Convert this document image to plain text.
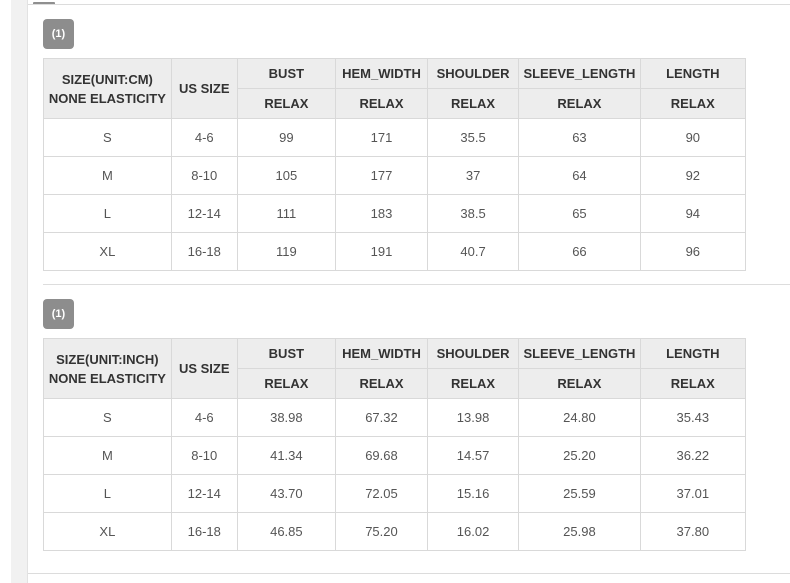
(1)
SIZE(UNIT:CM)
NONE ELASTICITY	US SIZE	BUST	HEM_WIDTH	SHOULDER	SLEEVE_LENGTH	LENGTH
		RELAX	RELAX	RELAX	RELAX	RELAX
S	4-6	99	171	35.5	63	90
M	8-10	105	177	37	64	92
L	12-14	111	183	38.5	65	94
XL	16-18	119	191	40.7	66	96
(1)
SIZE(UNIT:INCH)
NONE ELASTICITY	US SIZE	BUST	HEM_WIDTH	SHOULDER	SLEEVE_LENGTH	LENGTH
		RELAX	RELAX	RELAX	RELAX	RELAX
S	4-6	38.98	67.32	13.98	24.80	35.43
M	8-10	41.34	69.68	14.57	25.20	36.22
L	12-14	43.70	72.05	15.16	25.59	37.01
XL	16-18	46.85	75.20	16.02	25.98	37.80
